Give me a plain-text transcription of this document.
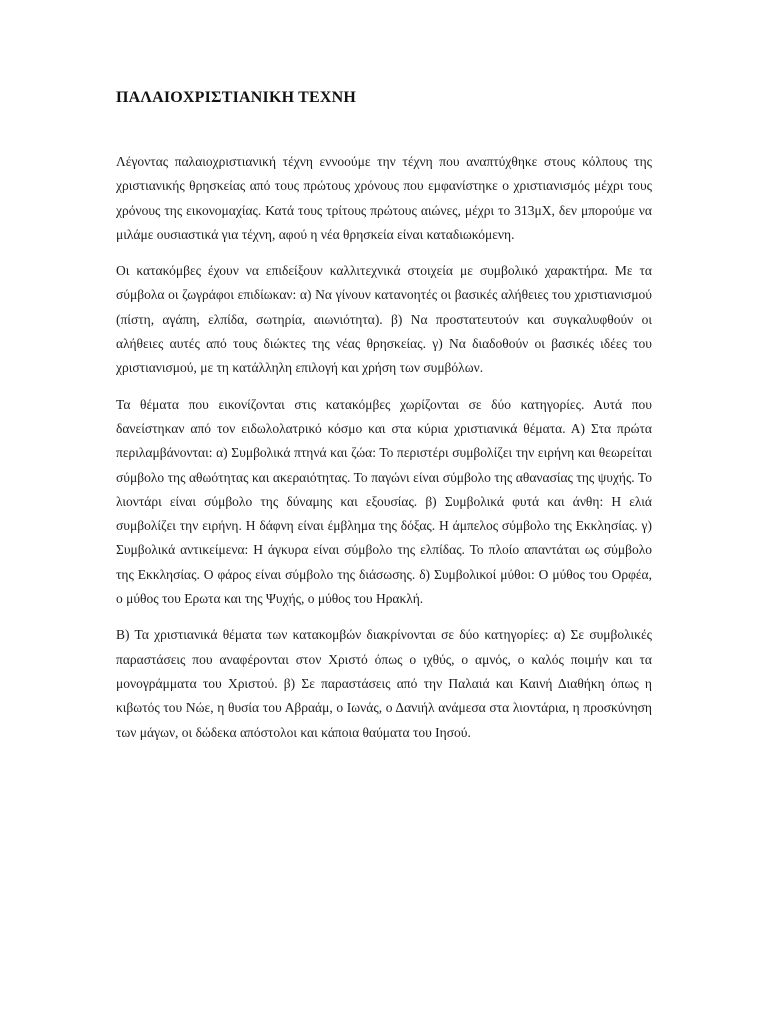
ΠΑΛΑΙΟΧΡΙΣΤΙΑΝΙΚΗ ΤΕΧΝΗ

Λέγοντας παλαιοχριστιανική τέχνη εννοούμε την τέχνη που αναπτύχθηκε στους κόλπους της χριστιανικής θρησκείας από τους πρώτους χρόνους που εμφανίστηκε ο χριστιανισμός μέχρι τους χρόνους της εικονομαχίας. Κατά τους τρίτους πρώτους αιώνες, μέχρι το 313μΧ, δεν μπορούμε να μιλάμε ουσιαστικά για τέχνη, αφού η νέα θρησκεία είναι καταδιωκόμενη.

Οι κατακόμβες έχουν να επιδείξουν καλλιτεχνικά στοιχεία με συμβολικό χαρακτήρα. Με τα σύμβολα οι ζωγράφοι επιδίωκαν: α) Να γίνουν κατανοητές οι βασικές αλήθειες του χριστιανισμού (πίστη, αγάπη, ελπίδα, σωτηρία, αιωνιότητα). β) Να προστατευτούν και συγκαλυφθούν οι αλήθειες αυτές από τους διώκτες της νέας θρησκείας. γ) Να διαδοθούν οι βασικές ιδέες του χριστιανισμού, με τη κατάλληλη επιλογή και χρήση των συμβόλων.

Τα θέματα που εικονίζονται στις κατακόμβες χωρίζονται σε δύο κατηγορίες. Αυτά που δανείστηκαν από τον ειδωλολατρικό κόσμο και στα κύρια χριστιανικά θέματα. Α) Στα πρώτα περιλαμβάνονται: α) Συμβολικά πτηνά και ζώα: Το περιστέρι συμβολίζει την ειρήνη και θεωρείται σύμβολο της αθωότητας και ακεραιότητας. Το παγώνι είναι σύμβολο της αθανασίας της ψυχής. Το λιοντάρι είναι σύμβολο της δύναμης και εξουσίας. β) Συμβολικά φυτά και άνθη: Η ελιά συμβολίζει την ειρήνη. Η δάφνη είναι έμβλημα της δόξας. Η άμπελος σύμβολο της Εκκλησίας. γ) Συμβολικά αντικείμενα: Η άγκυρα είναι σύμβολο της ελπίδας. Το πλοίο απαντάται ως σύμβολο της Εκκλησίας. Ο φάρος είναι σύμβολο της διάσωσης. δ) Συμβολικοί μύθοι: Ο μύθος του Ορφέα, ο μύθος του Ερωτα και της Ψυχής, ο μύθος του Ηρακλή.

Β) Τα χριστιανικά θέματα των κατακομβών διακρίνονται σε δύο κατηγορίες: α) Σε συμβολικές παραστάσεις που αναφέρονται στον Χριστό όπως ο ιχθύς, ο αμνός, ο καλός ποιμήν και τα μονογράμματα του Χριστού. β) Σε παραστάσεις από την Παλαιά και Καινή Διαθήκη όπως η κιβωτός του Νώε, η θυσία του Αβραάμ, ο Ιωνάς, ο Δανιήλ ανάμεσα στα λιοντάρια, η προσκύνηση των μάγων, οι δώδεκα απόστολοι και κάποια θαύματα του Ιησού.
